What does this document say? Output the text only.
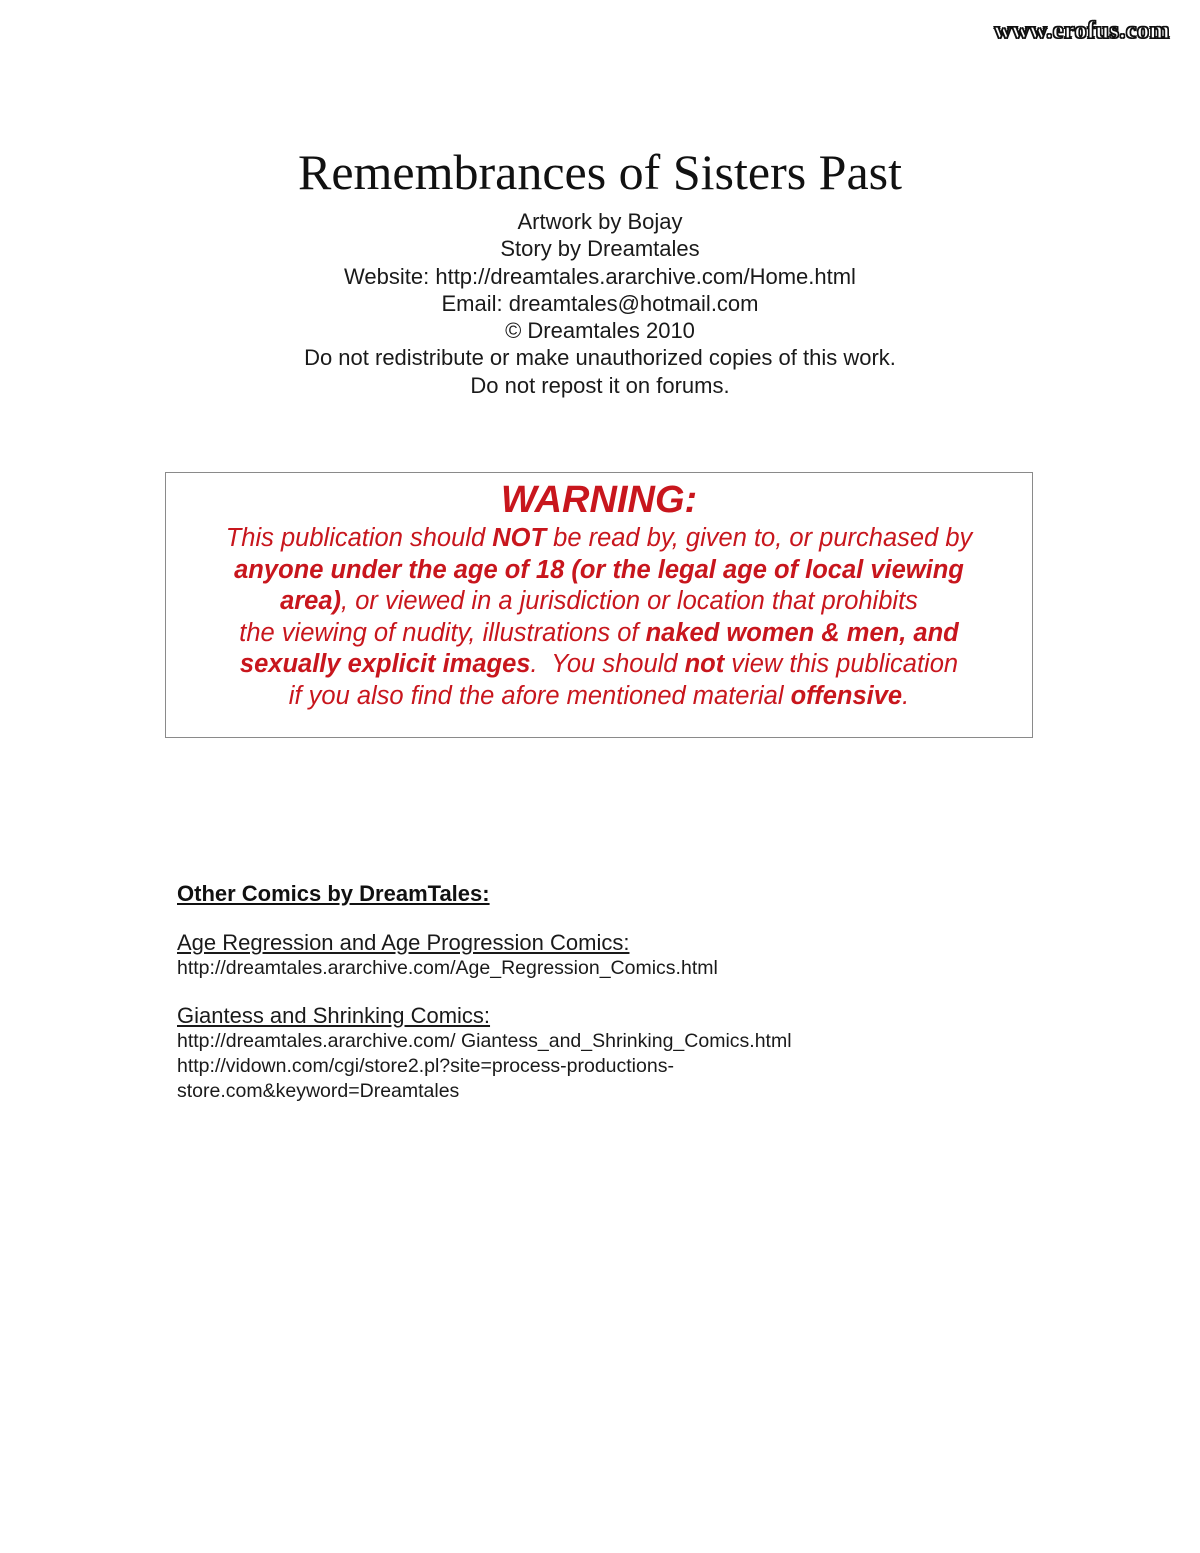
www.erofus.com
Remembrances of Sisters Past
Artwork by Bojay
Story by Dreamtales
Website: http://dreamtales.ararchive.com/Home.html
Email: dreamtales@hotmail.com
© Dreamtales 2010
Do not redistribute or make unauthorized copies of this work.
Do not repost it on forums.
WARNING:
This publication should NOT be read by, given to, or purchased by
anyone under the age of 18 (or the legal age of local viewing
area), or viewed in a jurisdiction or location that prohibits
the viewing of nudity, illustrations of naked women & men, and
sexually explicit images.  You should not view this publication
if you also find the afore mentioned material offensive.
Other Comics by DreamTales:
Age Regression and Age Progression Comics:
http://dreamtales.ararchive.com/Age_Regression_Comics.html
Giantess and Shrinking Comics:
http://dreamtales.ararchive.com/ Giantess_and_Shrinking_Comics.html
http://vidown.com/cgi/store2.pl?site=process-productions-
store.com&keyword=Dreamtales
